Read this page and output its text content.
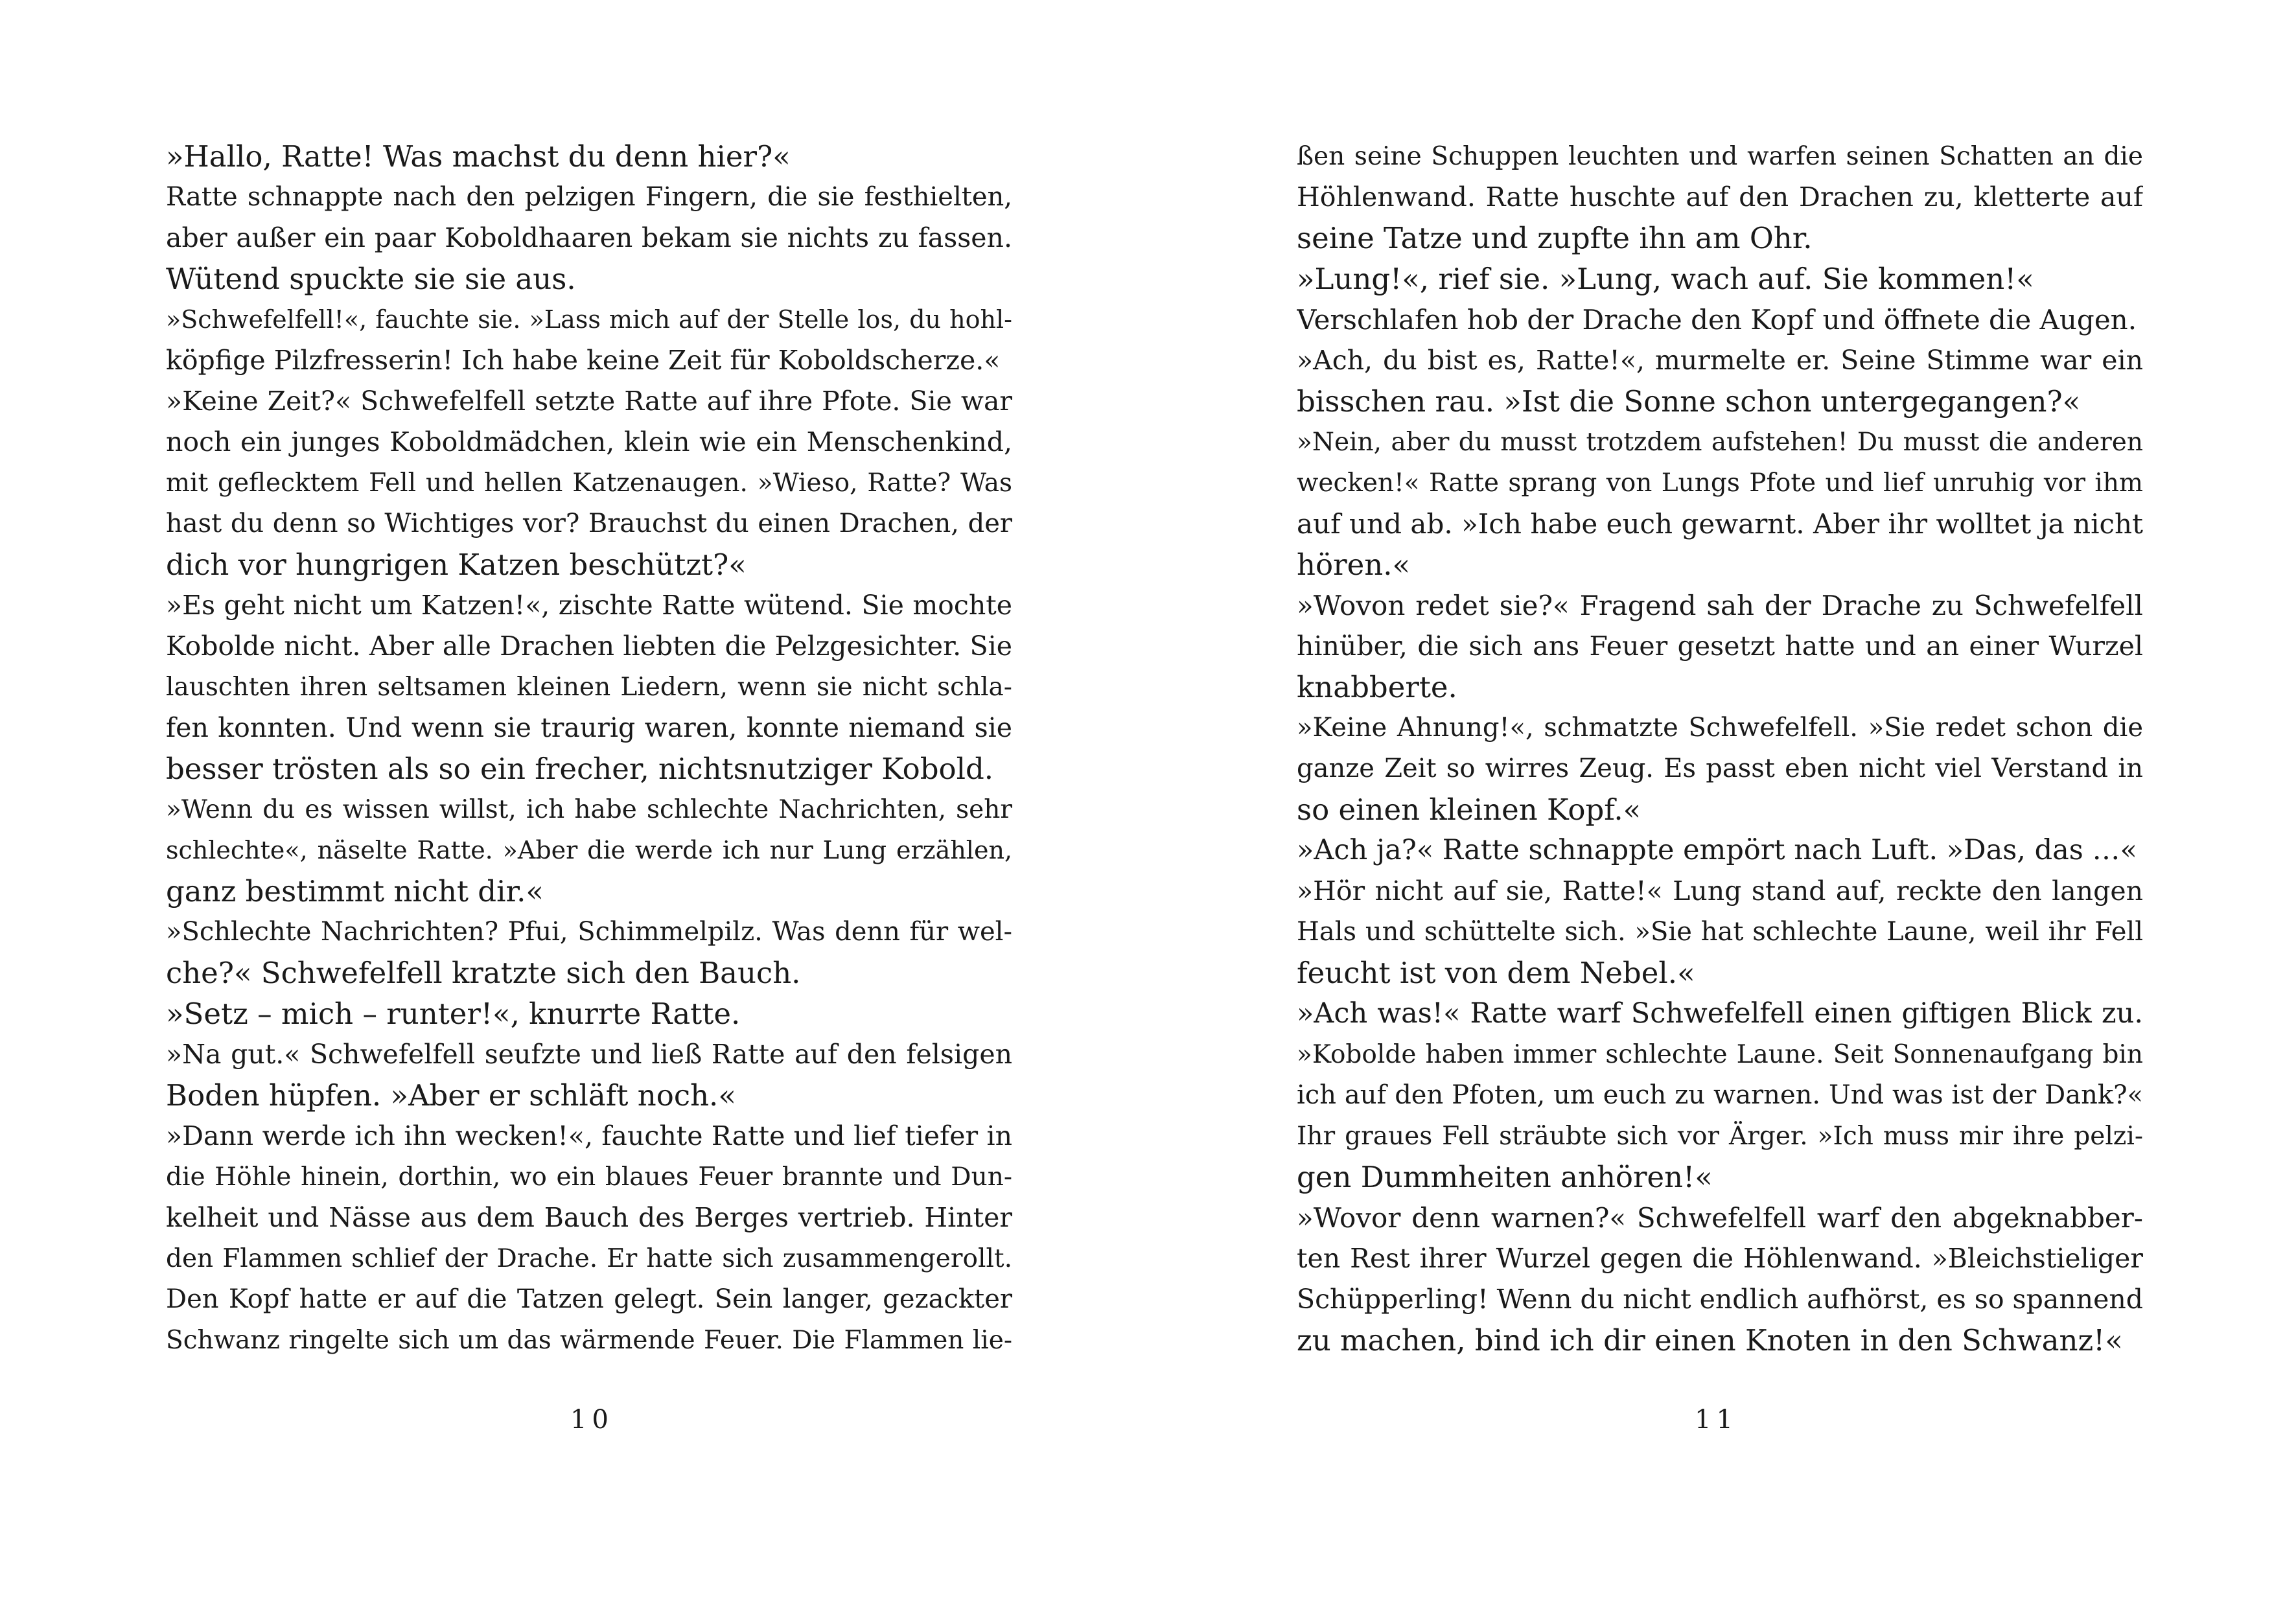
»Hallo, Ratte! Was machst du denn hier?«
Ratte schnappte nach den pelzigen Fingern, die sie festhielten,
aber außer ein paar Koboldhaaren bekam sie nichts zu fassen.
Wütend spuckte sie sie aus.
»Schwefelfell!«, fauchte sie. »Lass mich auf der Stelle los, du hohl-
köpfige Pilzfresserin! Ich habe keine Zeit für Koboldscherze.«
»Keine Zeit?« Schwefelfell setzte Ratte auf ihre Pfote. Sie war
noch ein junges Koboldmädchen, klein wie ein Menschenkind,
mit geflecktem Fell und hellen Katzenaugen. »Wieso, Ratte? Was
hast du denn so Wichtiges vor? Brauchst du einen Drachen, der
dich vor hungrigen Katzen beschützt?«
»Es geht nicht um Katzen!«, zischte Ratte wütend. Sie mochte
Kobolde nicht. Aber alle Drachen liebten die Pelzgesichter. Sie
lauschten ihren seltsamen kleinen Liedern, wenn sie nicht schla-
fen konnten. Und wenn sie traurig waren, konnte niemand sie
besser trösten als so ein frecher, nichtsnutziger Kobold.
»Wenn du es wissen willst, ich habe schlechte Nachrichten, sehr
schlechte«, näselte Ratte. »Aber die werde ich nur Lung erzählen,
ganz bestimmt nicht dir.«
»Schlechte Nachrichten? Pfui, Schimmelpilz. Was denn für wel-
che?« Schwefelfell kratzte sich den Bauch.
»Setz – mich – runter!«, knurrte Ratte.
»Na gut.« Schwefelfell seufzte und ließ Ratte auf den felsigen
Boden hüpfen. »Aber er schläft noch.«
»Dann werde ich ihn wecken!«, fauchte Ratte und lief tiefer in
die Höhle hinein, dorthin, wo ein blaues Feuer brannte und Dun-
kelheit und Nässe aus dem Bauch des Berges vertrieb. Hinter
den Flammen schlief der Drache. Er hatte sich zusammengerollt.
Den Kopf hatte er auf die Tatzen gelegt. Sein langer, gezackter
Schwanz ringelte sich um das wärmende Feuer. Die Flammen lie-
10
ßen seine Schuppen leuchten und warfen seinen Schatten an die
Höhlenwand. Ratte huschte auf den Drachen zu, kletterte auf
seine Tatze und zupfte ihn am Ohr.
»Lung!«, rief sie. »Lung, wach auf. Sie kommen!«
Verschlafen hob der Drache den Kopf und öffnete die Augen.
»Ach, du bist es, Ratte!«, murmelte er. Seine Stimme war ein
bisschen rau. »Ist die Sonne schon untergegangen?«
»Nein, aber du musst trotzdem aufstehen! Du musst die anderen
wecken!« Ratte sprang von Lungs Pfote und lief unruhig vor ihm
auf und ab. »Ich habe euch gewarnt. Aber ihr wolltet ja nicht
hören.«
»Wovon redet sie?« Fragend sah der Drache zu Schwefelfell
hinüber, die sich ans Feuer gesetzt hatte und an einer Wurzel
knabberte.
»Keine Ahnung!«, schmatzte Schwefelfell. »Sie redet schon die
ganze Zeit so wirres Zeug. Es passt eben nicht viel Verstand in
so einen kleinen Kopf.«
»Ach ja?« Ratte schnappte empört nach Luft. »Das, das …«
»Hör nicht auf sie, Ratte!« Lung stand auf, reckte den langen
Hals und schüttelte sich. »Sie hat schlechte Laune, weil ihr Fell
feucht ist von dem Nebel.«
»Ach was!« Ratte warf Schwefelfell einen giftigen Blick zu.
»Kobolde haben immer schlechte Laune. Seit Sonnenaufgang bin
ich auf den Pfoten, um euch zu warnen. Und was ist der Dank?«
Ihr graues Fell sträubte sich vor Ärger. »Ich muss mir ihre pelzi-
gen Dummheiten anhören!«
»Wovor denn warnen?« Schwefelfell warf den abgeknabber-
ten Rest ihrer Wurzel gegen die Höhlenwand. »Bleichstieliger
Schüpperling! Wenn du nicht endlich aufhörst, es so spannend
zu machen, bind ich dir einen Knoten in den Schwanz!«
11
